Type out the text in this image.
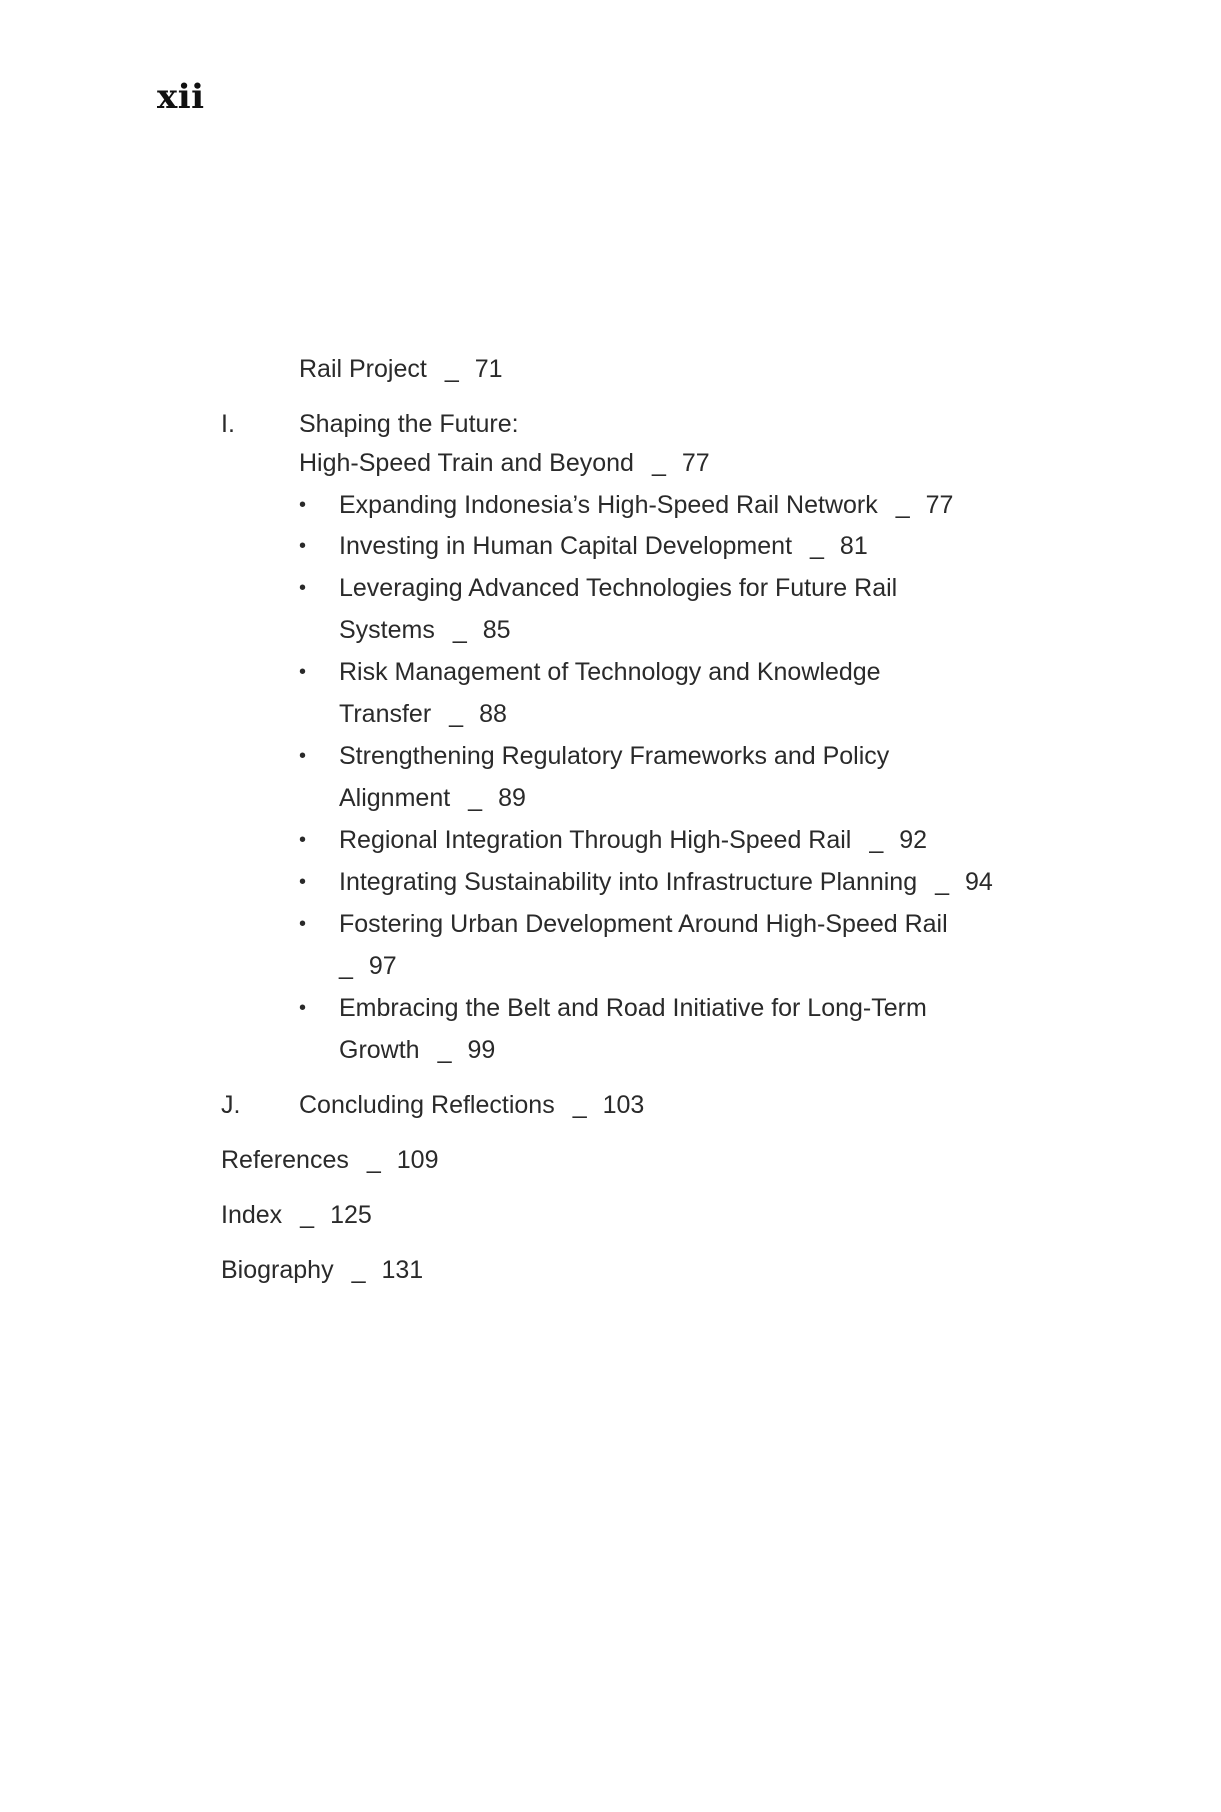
xii
Rail Project _ 71
I.	Shaping the Future:
High-Speed Train and Beyond _ 77
• Expanding Indonesia’s High-Speed Rail Network _ 77
• Investing in Human Capital Development _ 81
• Leveraging Advanced Technologies for Future Rail
Systems _ 85
• Risk Management of Technology and Knowledge
Transfer _ 88
• Strengthening Regulatory Frameworks and Policy
Alignment _ 89
• Regional Integration Through High-Speed Rail _ 92
• Integrating Sustainability into Infrastructure Planning _ 94
• Fostering Urban Development Around High-Speed Rail
_ 97
• Embracing the Belt and Road Initiative for Long-Term
Growth _ 99
J. Concluding Reflections _ 103
References _ 109
Index _ 125
Biography _ 131
